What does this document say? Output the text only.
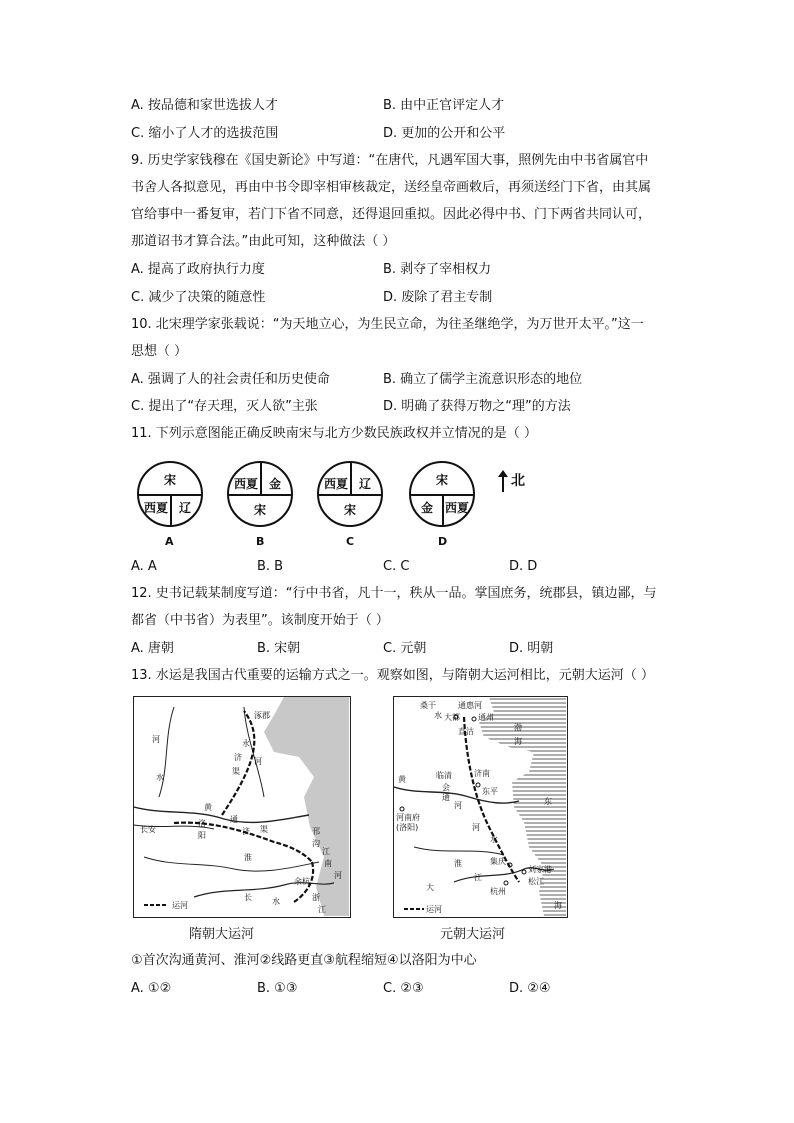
A. 按品德和家世选拔人才	B. 由中正官评定人才
C. 缩小了人才的选拔范围	D. 更加的公开和公平
9. 历史学家钱穆在《国史新论》中写道：“在唐代，凡遇军国大事，照例先由中书省属官中
书舍人各拟意见，再由中书令即宰相审核裁定，送经皇帝画敕后，再须送经门下省，由其属
官给事中一番复审，若门下省不同意，还得退回重拟。因此必得中书、门下两省共同认可，
那道诏书才算合法。”由此可知，这种做法（ ）
A. 提高了政府执行力度	B. 剥夺了宰相权力
C. 减少了决策的随意性	D. 废除了君主专制
10. 北宋理学家张载说：“为天地立心，为生民立命，为往圣继绝学，为万世开太平。”这一
思想（ ）
A. 强调了人的社会责任和历史使命	B. 确立了儒学主流意识形态的地位
C. 提出了“存天理，灭人欲”主张	D. 明确了获得万物之“理”的方法
11. 下列示意图能正确反映南宋与北方少数民族政权并立情况的是（ ）
宋
西夏 辽
A
西夏 金
宋
B
西夏 辽
宋
C
宋
金 西夏
D
北
A. A	B. B	C. C	D. D
12. 史书记载某制度写道：“行中书省，凡十一，秩从一品。掌国庶务，统郡县，镇边鄙，与
都省（中书省）为表里”。该制度开始于（ ）
A. 唐朝	B. 宋朝	C. 元朝	D. 明朝
13. 水运是我国古代重要的运输方式之一。观察如图，与隋朝大运河相比，元朝大运河（ ）
涿郡
河
水
永
济
渠
河
黄
长安
洛
阳
通
济 渠	邗
沟
淮
江
南
河
余杭
长	水	浙
江
运河
隋朝大运河
桑干
水
通惠河
大都 通州
直沽	渤
海
临清
会
通
济南
东平
黄
河
河南府
(洛阳)	河
水
东
淮	集庆
江
刘家港
松江
杭州
大
海
运河
元朝大运河
①首次沟通黄河、淮河②线路更直③航程缩短④以洛阳为中心
A. ①②	B. ①③	C. ②③	D. ②④
